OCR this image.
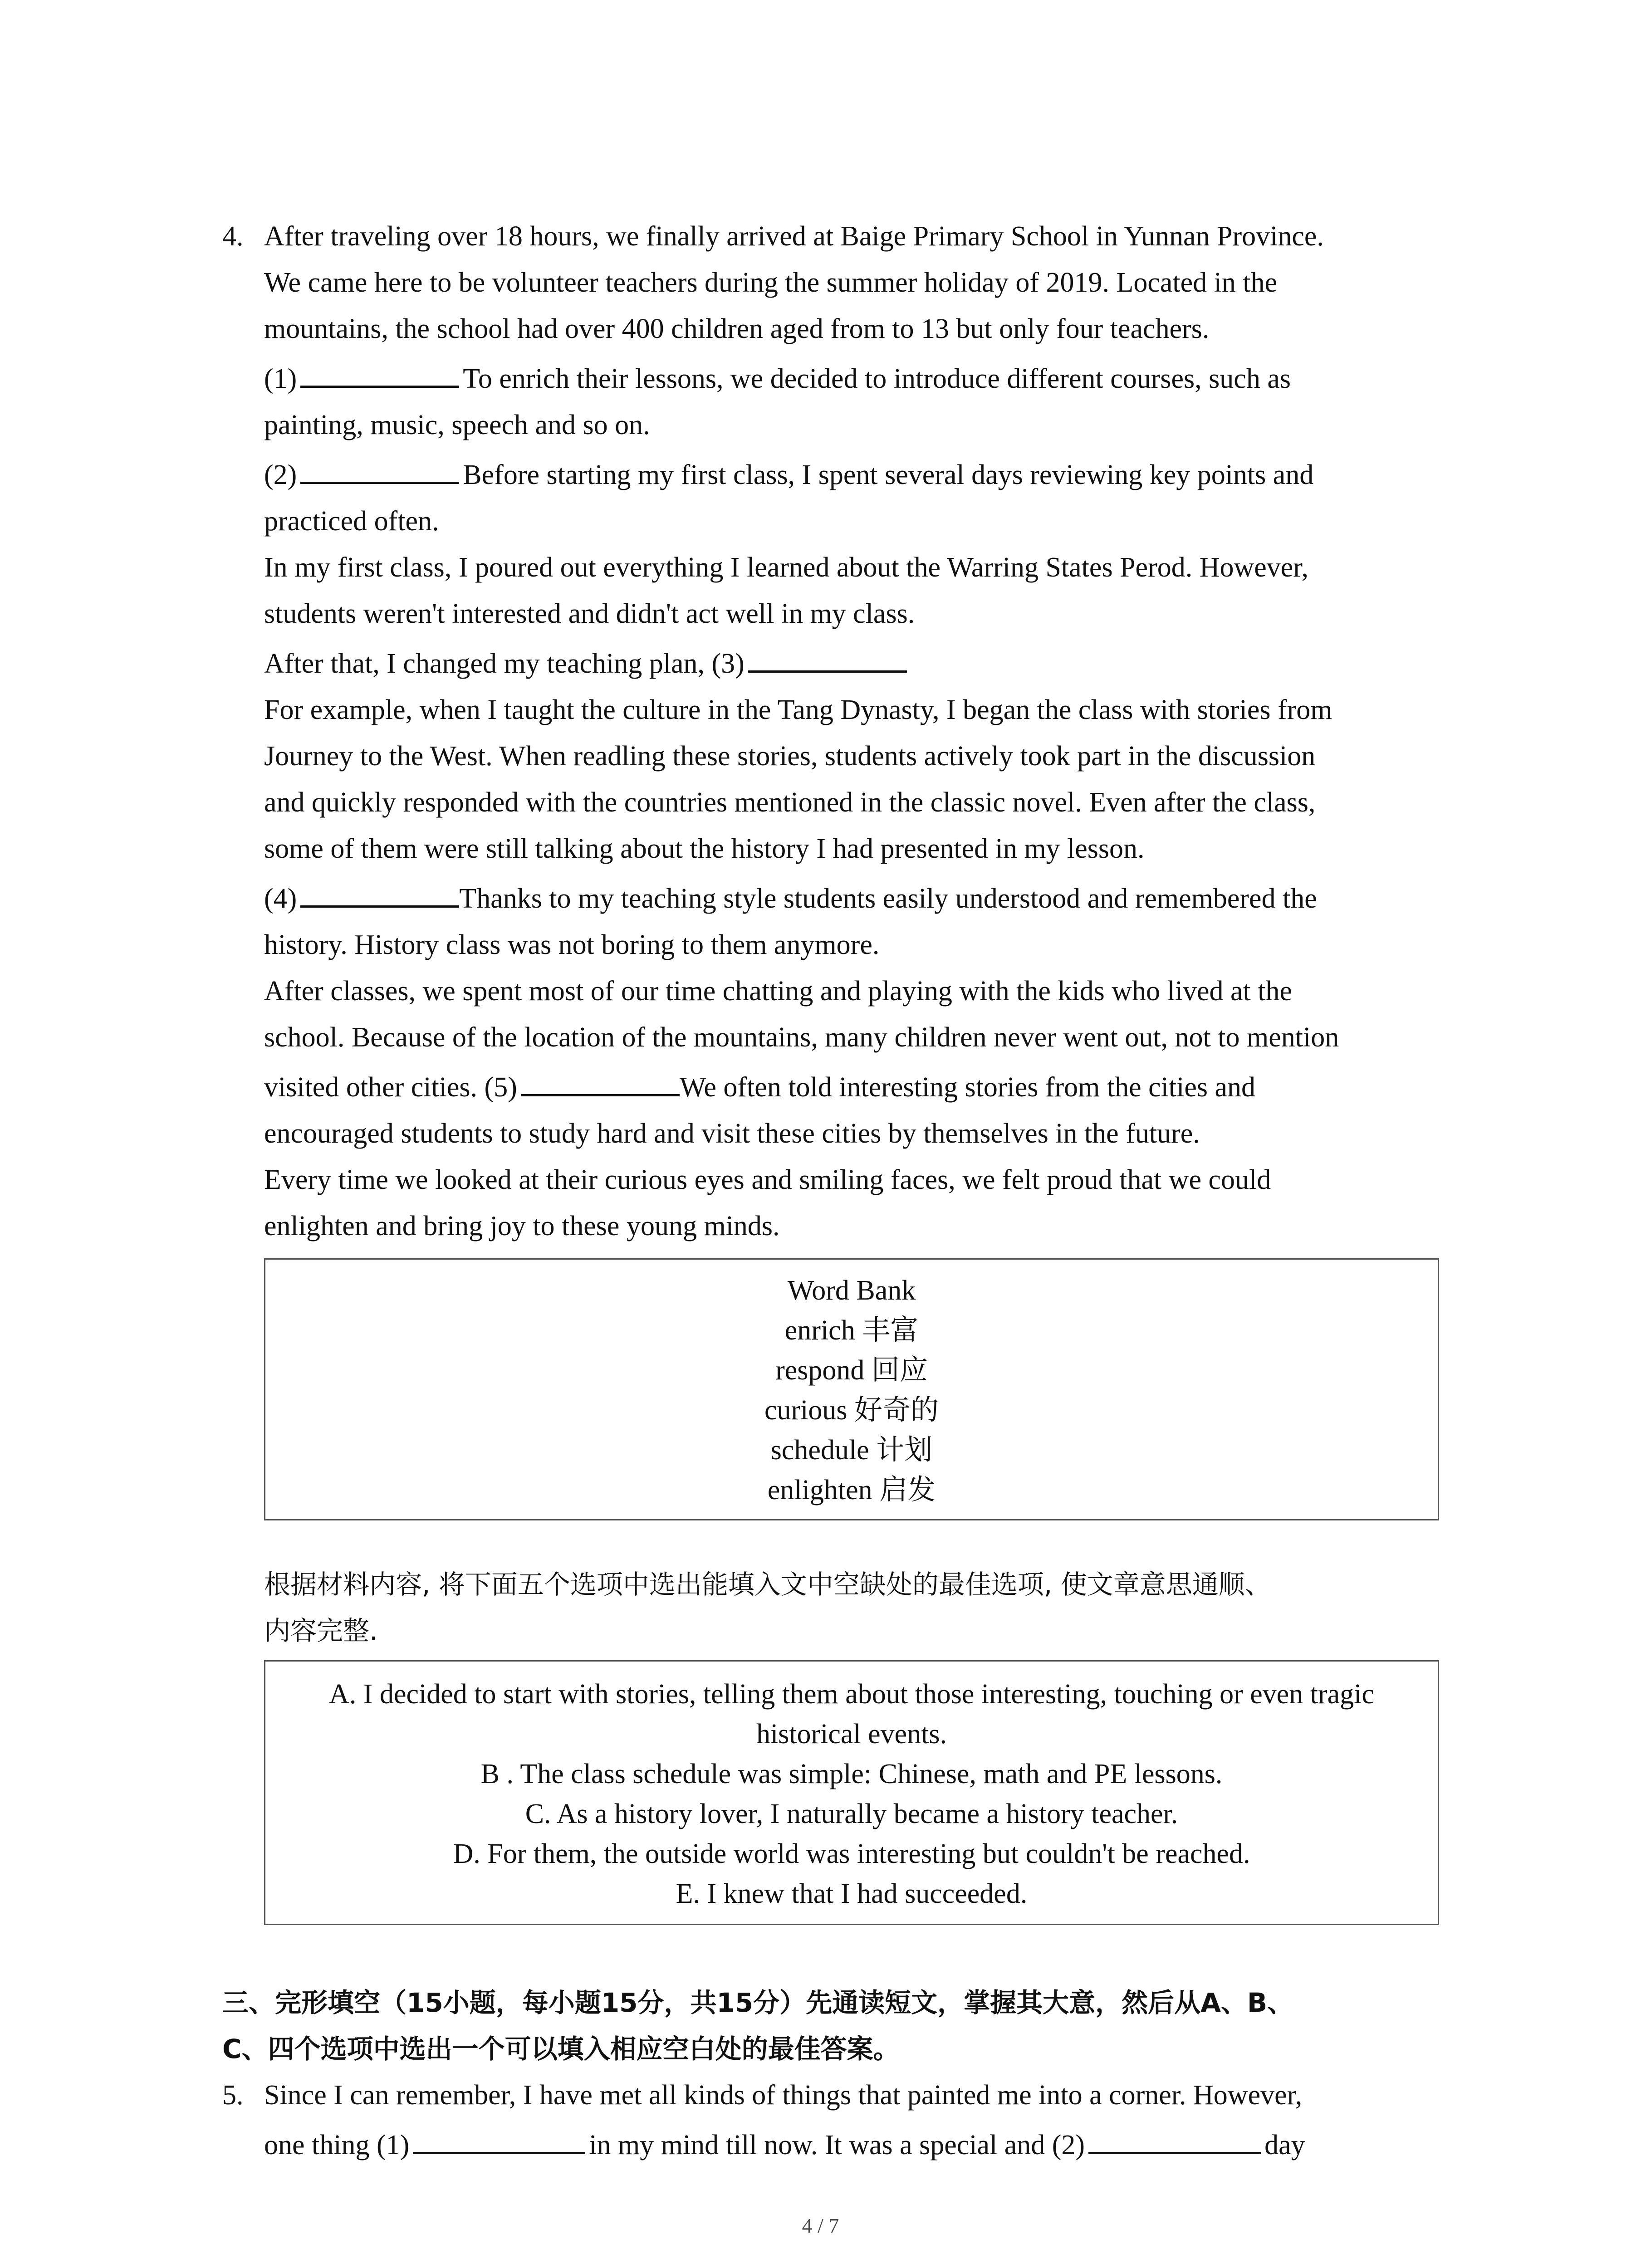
4. After traveling over 18 hours, we finally arrived at Baige Primary School in Yunnan Province.

We came here to be volunteer teachers during the summer holiday of 2019. Located in the

mountains, the school had over 400 children aged from to 13 but only four teachers.

(1)	To enrich their lessons, we decided to introduce different courses, such as

painting, music, speech and so on.

(2)	Before starting my first class, I spent several days reviewing key points and

practiced often.

In my first class, I poured out everything I learned about the Warring States Perod. However,

students weren't interested and didn't act well in my class.

After that, I changed my teaching plan, (3)

For example, when I taught the culture in the Tang Dynasty, I began the class with stories from

Journey to the West. When readling these stories, students actively took part in the discussion

and quickly responded with the countries mentioned in the classic novel. Even after the class,

some of them were still talking about the history I had presented in my lesson.

(4)	Thanks to my teaching style students easily understood and remembered the

history. History class was not boring to them anymore.

After classes, we spent most of our time chatting and playing with the kids who lived at the

school. Because of the location of the mountains, many children never went out, not to mention

visited other cities. (5)	We often told interesting stories from the cities and

encouraged students to study hard and visit these cities by themselves in the future.

Every time we looked at their curious eyes and smiling faces, we felt proud that we could

enlighten and bring joy to these young minds.

Word Bank
enrich 丰富
respond 回应
curious 好奇的
schedule 计划
enlighten 启发

根据材料内容, 将下面五个选项中选出能填入文中空缺处的最佳选项, 使文章意思通顺、

内容完整.

A. I decided to start with stories, telling them about those interesting, touching or even tragic
historical events.
B . The class schedule was simple: Chinese, math and PE lessons.
C. As a history lover, I naturally became a history teacher.
D. For them, the outside world was interesting but couldn't be reached.
E. I knew that I had succeeded.

三、完形填空（15小题，每小题15分，共15分）先通读短文，掌握其大意，然后从A、B、

C、四个选项中选出一个可以填入相应空白处的最佳答案。

5. Since I can remember, I have met all kinds of things that painted me into a corner. However,

one thing (1)	in my mind till now. It was a special and (2)	day

4 / 7
